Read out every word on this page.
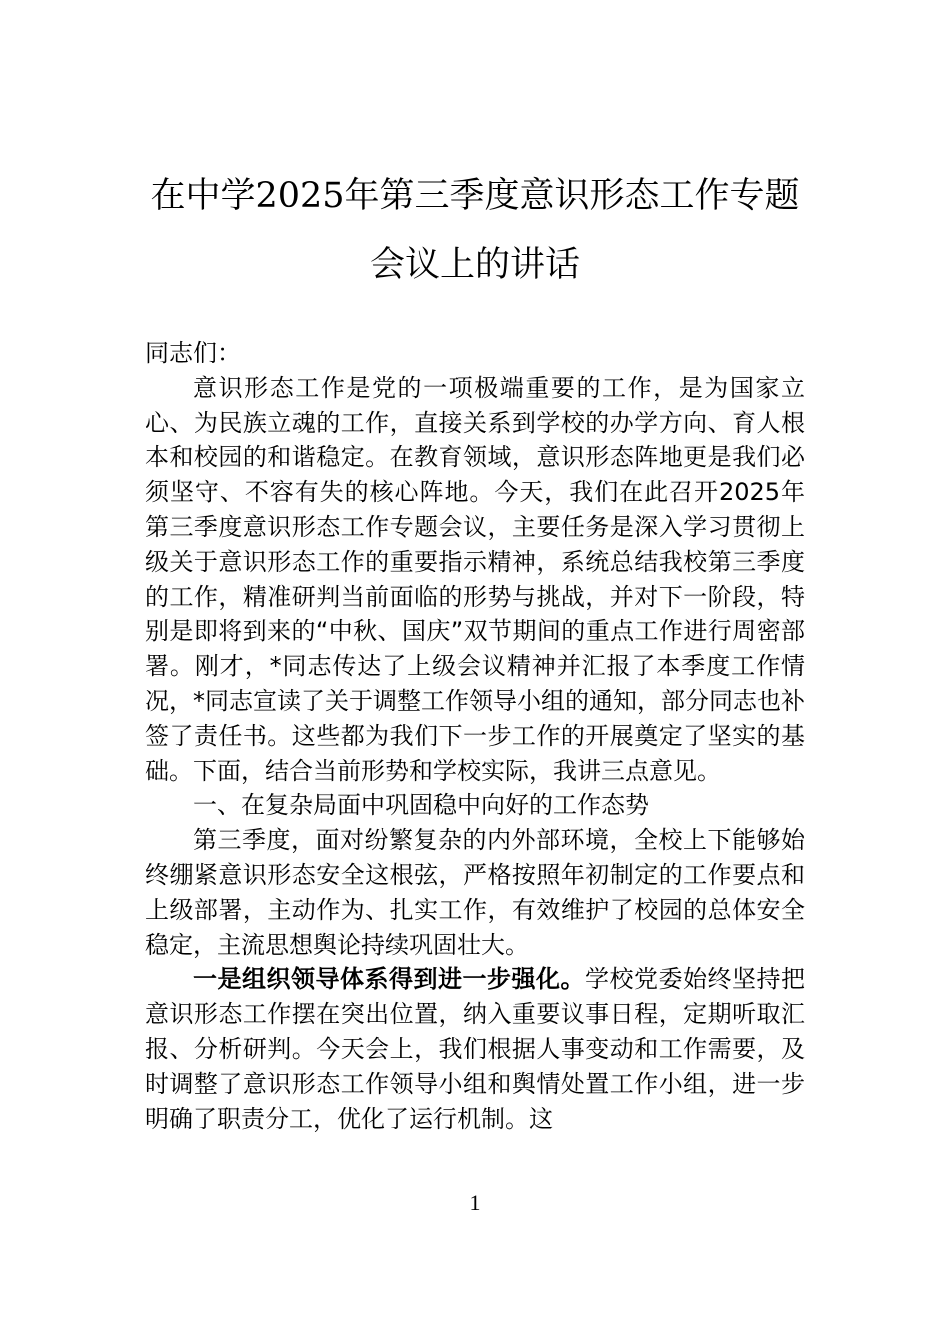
在中学2025年第三季度意识形态工作专题
会议上的讲话

同志们：

意识形态工作是党的一项极端重要的工作，是为国家立心、为民族立魂的工作，直接关系到学校的办学方向、育人根本和校园的和谐稳定。在教育领域，意识形态阵地更是我们必须坚守、不容有失的核心阵地。今天，我们在此召开2025年第三季度意识形态工作专题会议，主要任务是深入学习贯彻上级关于意识形态工作的重要指示精神，系统总结我校第三季度的工作，精准研判当前面临的形势与挑战，并对下一阶段，特别是即将到来的“中秋、国庆”双节期间的重点工作进行周密部署。刚才，*同志传达了上级会议精神并汇报了本季度工作情况，*同志宣读了关于调整工作领导小组的通知，部分同志也补签了责任书。这些都为我们下一步工作的开展奠定了坚实的基础。下面，结合当前形势和学校实际，我讲三点意见。

一、在复杂局面中巩固稳中向好的工作态势

第三季度，面对纷繁复杂的内外部环境，全校上下能够始终绷紧意识形态安全这根弦，严格按照年初制定的工作要点和上级部署，主动作为、扎实工作，有效维护了校园的总体安全稳定，主流思想舆论持续巩固壮大。

一是组织领导体系得到进一步强化。学校党委始终坚持把意识形态工作摆在突出位置，纳入重要议事日程，定期听取汇报、分析研判。今天会上，我们根据人事变动和工作需要，及时调整了意识形态工作领导小组和舆情处置工作小组，进一步明确了职责分工，优化了运行机制。这

1
